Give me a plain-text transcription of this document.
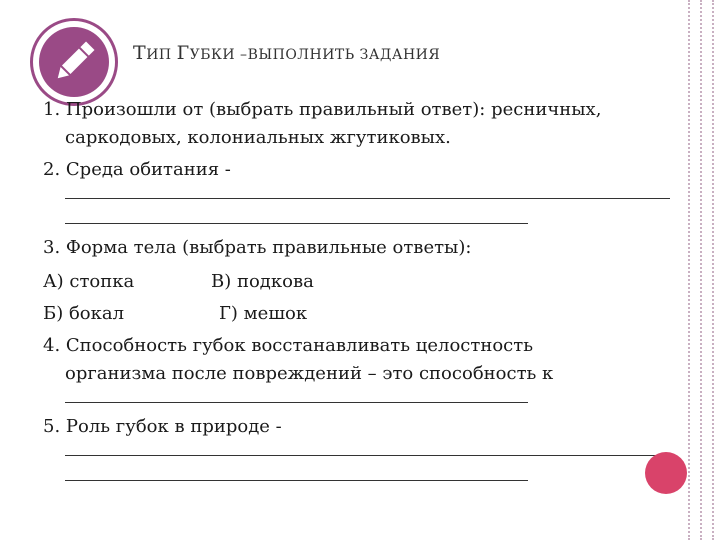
ТИП ГУБКИ –ВЫПОЛНИТЬ ЗАДАНИЯ
1. Произошли от (выбрать правильный ответ): ресничных,
саркодовых, колониальных жгутиковых.
2. Среда обитания -
3. Форма тела (выбрать правильные ответы):
А) стопка	В) подкова
Б) бокал	Г) мешок
4. Способность губок восстанавливать целостность
организма после повреждений – это способность к
5. Роль губок в природе -
